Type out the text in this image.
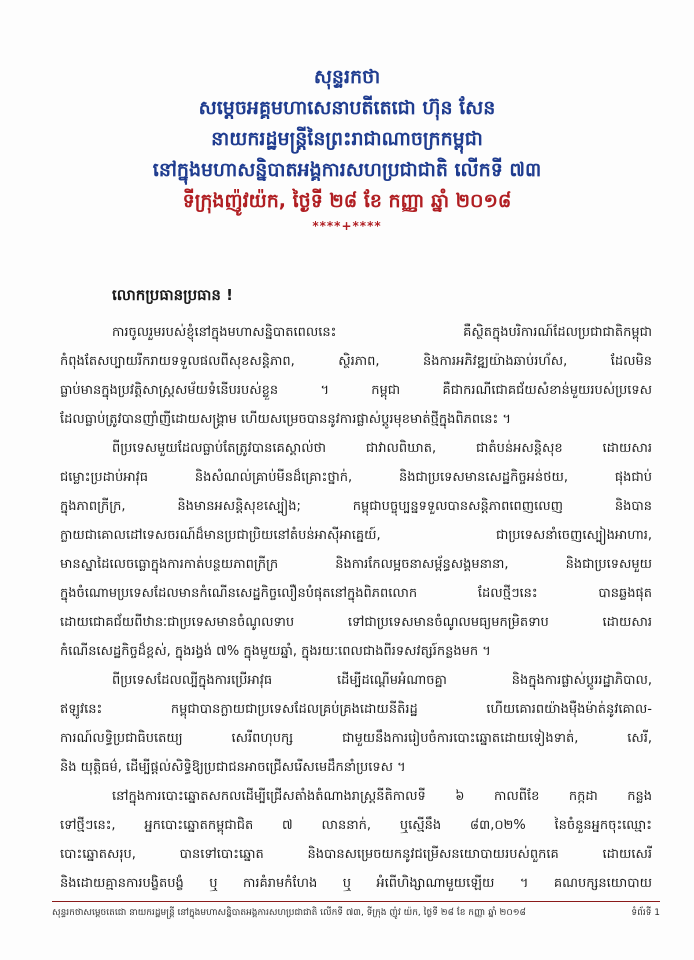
សុន្ទរកថា
សម្តេចអគ្គមហាសេនាបតីតេជោ ហ៊ុន សែន
នាយករដ្ឋមន្ត្រីនៃព្រះរាជាណាចក្រកម្ពុជា
នៅក្នុងមហាសន្និបាតអង្គការសហប្រជាជាតិ លើកទី ៧៣
ទីក្រុងញ៉ូវយ៉ក, ថ្ងៃទី ២៨ ខែ កញ្ញា ឆ្នាំ ២០១៨
****+****
លោកប្រធានប្រធាន !
ការចូលរួមរបស់ខ្ញុំនៅក្នុងមហាសន្និបាតពេលនេះ គឺស្ថិតក្នុងបរិការណ៍ដែលប្រជាជាតិកម្ពុជា
កំពុងតែសប្បាយរីករាយទទួលផលពីសុខសន្តិភាព, ស្ថិរភាព, និងការអភិវឌ្ឍយ៉ាងឆាប់រហ័ស, ដែលមិន
ធ្លាប់មានក្នុងប្រវត្តិសាស្ត្រសម័យទំនើបរបស់ខ្លួន ។ កម្ពុជា គឺជាករណីជោគជ័យសំខាន់មួយរបស់ប្រទេស
ដែលធ្លាប់ត្រូវបានញាំញីដោយសង្គ្រាម ហើយសម្រេចបាននូវការផ្លាស់ប្តូរមុខមាត់ថ្មីក្នុងពិភពនេះ ។
ពីប្រទេសមួយដែលធ្លាប់តែត្រូវបានគេស្គាល់ថា ជាវាលពិឃាត, ជាតំបន់អសន្តិសុខ ដោយសារ
ជម្លោះប្រដាប់អាវុធ និងសំណល់គ្រាប់មីនដ៏គ្រោះថ្នាក់, និងជាប្រទេសមានសេដ្ឋកិច្ចអន់ថយ, ផុងជាប់
ក្នុងភាពក្រីក្រ, និងមានអសន្តិសុខស្បៀង; កម្ពុជាបច្ចុប្បន្នទទួលបានសន្តិភាពពេញលេញ និងបាន
ក្លាយជាគោលដៅទេសចរណ៍ដ៏មានប្រជាប្រិយនៅតំបន់អាស៊ីអាគ្នេយ៍, ជាប្រទេសនាំចេញស្បៀងអាហារ,
មានស្នាដៃលេចធ្លោក្នុងការកាត់បន្ថយភាពក្រីក្រ និងការកែលម្អចនាសម្ព័ន្ធសង្គមនានា, និងជាប្រទេសមួយ
ក្នុងចំណោមប្រទេសដែលមានកំណើនសេដ្ឋកិច្ចលឿនបំផុតនៅក្នុងពិភពលោក ដែលថ្មីៗនេះ បានឆ្លងផុត
ដោយជោគជ័យពីឋានៈជាប្រទេសមានចំណូលទាប ទៅជាប្រទេសមានចំណូលមធ្យមកម្រិតទាប ដោយសារ
កំណើនសេដ្ឋកិច្ចដ៏ខ្ពស់, ក្នុងរង្វង់ ៧% ក្នុងមួយឆ្នាំ, ក្នុងរយៈពេលជាងពីរទសវត្សរ៍កន្លងមក ។
ពីប្រទេសដែលល្បីក្នុងការប្រើអាវុធ ដើម្បីដណ្តើមអំណាចគ្នា និងក្នុងការផ្លាស់ប្តូររដ្ឋាភិបាល,
ឥឡូវនេះ កម្ពុជាបានក្លាយជាប្រទេសដែលគ្រប់គ្រងដោយនីតិរដ្ឋ ហើយគោរពយ៉ាងម៉ឺងម៉ាត់នូវគោល-
ការណ៍លទ្ធិប្រជាធិបតេយ្យ សេរីពហុបក្ស ជាមួយនឹងការរៀបចំការបោះឆ្នោតដោយទៀងទាត់, សេរី,
និង យុត្តិធម៌, ដើម្បីផ្តល់សិទ្ធិឱ្យប្រជាជនអាចជ្រើសរើសមេដឹកនាំប្រទេស ។
នៅក្នុងការបោះឆ្នោតសកលដើម្បីជ្រើសតាំងតំណាងរាស្ត្រនីតិកាលទី ៦ កាលពីខែ កក្កដា កន្លង
ទៅថ្មីៗនេះ, អ្នកបោះឆ្នោតកម្ពុជាជិត ៧ លាននាក់, ឬស្មើនឹង ៨៣,០២% នៃចំនួនអ្នកចុះឈ្មោះ
បោះឆ្នោតសរុប, បានទៅបោះឆ្នោត និងបានសម្រេចយកនូវជម្រើសនយោបាយរបស់ពួកគេ ដោយសេរី
និងដោយគ្មានការបង្ខិតបង្ខំ ឬ ការគំរាមកំហែង ឬ អំពើហិង្សាណាមួយឡើយ ។ គណបក្សនយោបាយ
សុន្ទរកថាសម្តេចតេជោ នាយករដ្ឋមន្ត្រី នៅក្នុងមហាសន្និបាតអង្គការសហប្រជាជាតិ លើកទី ៧៣, ទីក្រុង ញ៉ូវ យ៉ក, ថ្ងៃទី ២៨ ខែ កញ្ញា ឆ្នាំ ២០១៨	ទំព័រទី 1
